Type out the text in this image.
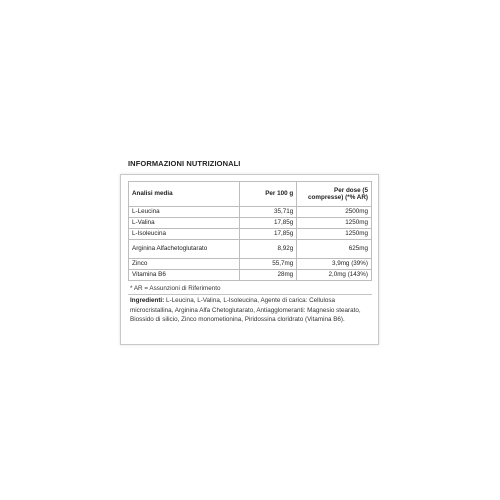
INFORMAZIONI NUTRIZIONALI
Analisi media	Per 100 g	Per dose (5 compresse) (*% AR)
L-Leucina	35,71g	2500mg
L-Valina	17,85g	1250mg
L-Isoleucina	17,85g	1250mg
Arginina Alfachetoglutarato	8,92g	625mg
Zinco	55,7mg	3,9mg (39%)
Vitamina B6	28mg	2,0mg (143%)
* AR = Assunzioni di Riferimento
Ingredienti: L-Leucina, L-Valina, L-Isoleucina, Agente di carica: Cellulosa microcristallina, Arginina Alfa Chetoglutarato, Antiagglomeranti: Magnesio stearato, Biossido di silicio, Zinco monometionina, Piridossina cloridrato (Vitamina B6).
